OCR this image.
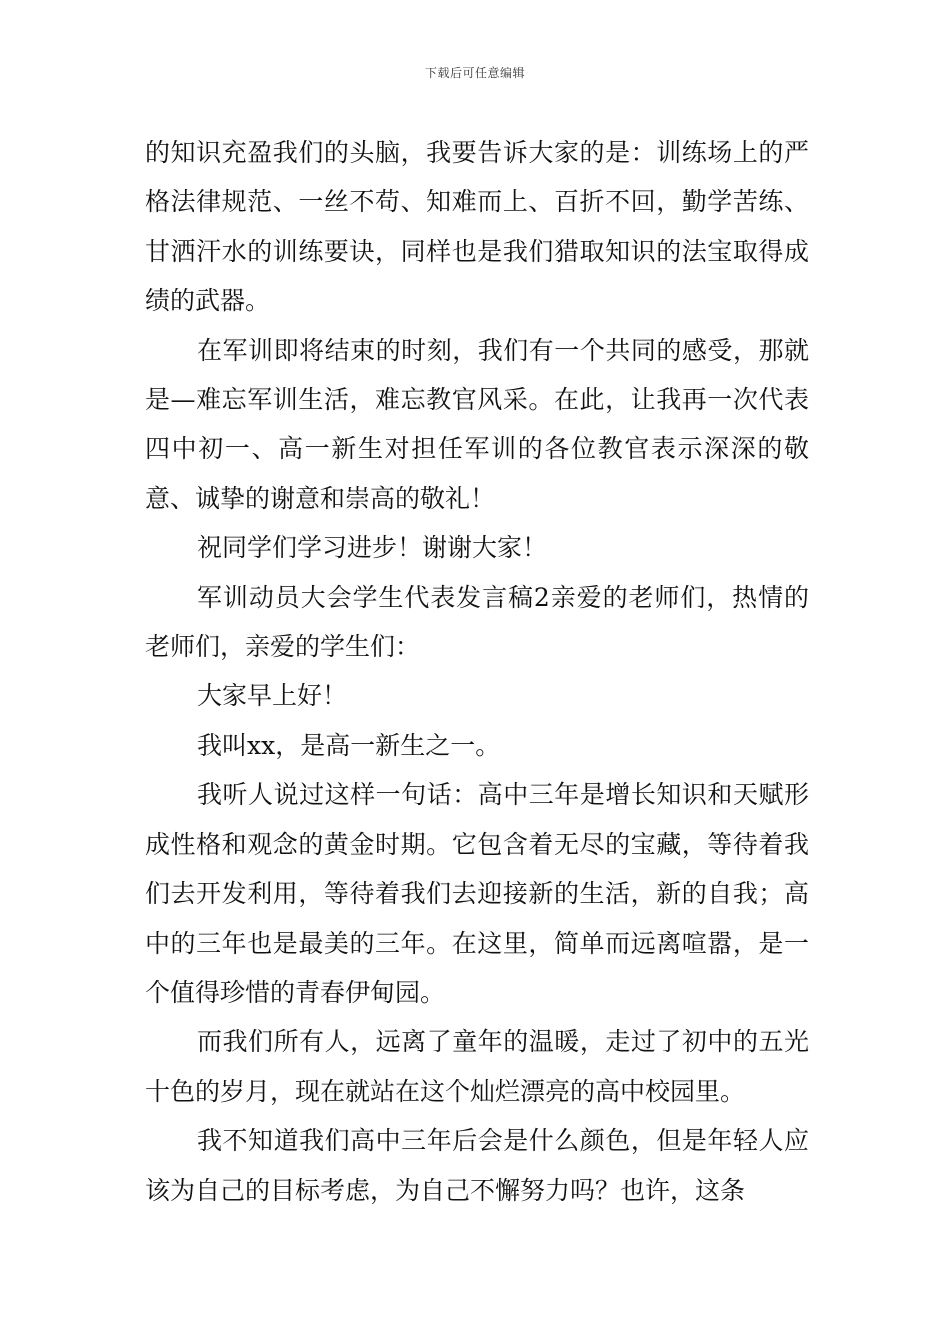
下载后可任意编辑

的知识充盈我们的头脑，我要告诉大家的是：训练场上的严格法律规范、一丝不苟、知难而上、百折不回，勤学苦练、甘洒汗水的训练要诀，同样也是我们猎取知识的法宝取得成绩的武器。

在军训即将结束的时刻，我们有一个共同的感受，那就是—难忘军训生活，难忘教官风采。在此，让我再一次代表四中初一、高一新生对担任军训的各位教官表示深深的敬意、诚挚的谢意和崇高的敬礼！

祝同学们学习进步！谢谢大家！

军训动员大会学生代表发言稿2亲爱的老师们，热情的老师们，亲爱的学生们：

大家早上好！

我叫xx，是高一新生之一。

我听人说过这样一句话：高中三年是增长知识和天赋形成性格和观念的黄金时期。它包含着无尽的宝藏，等待着我们去开发利用，等待着我们去迎接新的生活，新的自我；高中的三年也是最美的三年。在这里，简单而远离喧嚣，是一个值得珍惜的青春伊甸园。

而我们所有人，远离了童年的温暖，走过了初中的五光十色的岁月，现在就站在这个灿烂漂亮的高中校园里。

我不知道我们高中三年后会是什么颜色，但是年轻人应该为自己的目标考虑，为自己不懈努力吗？也许，这条
